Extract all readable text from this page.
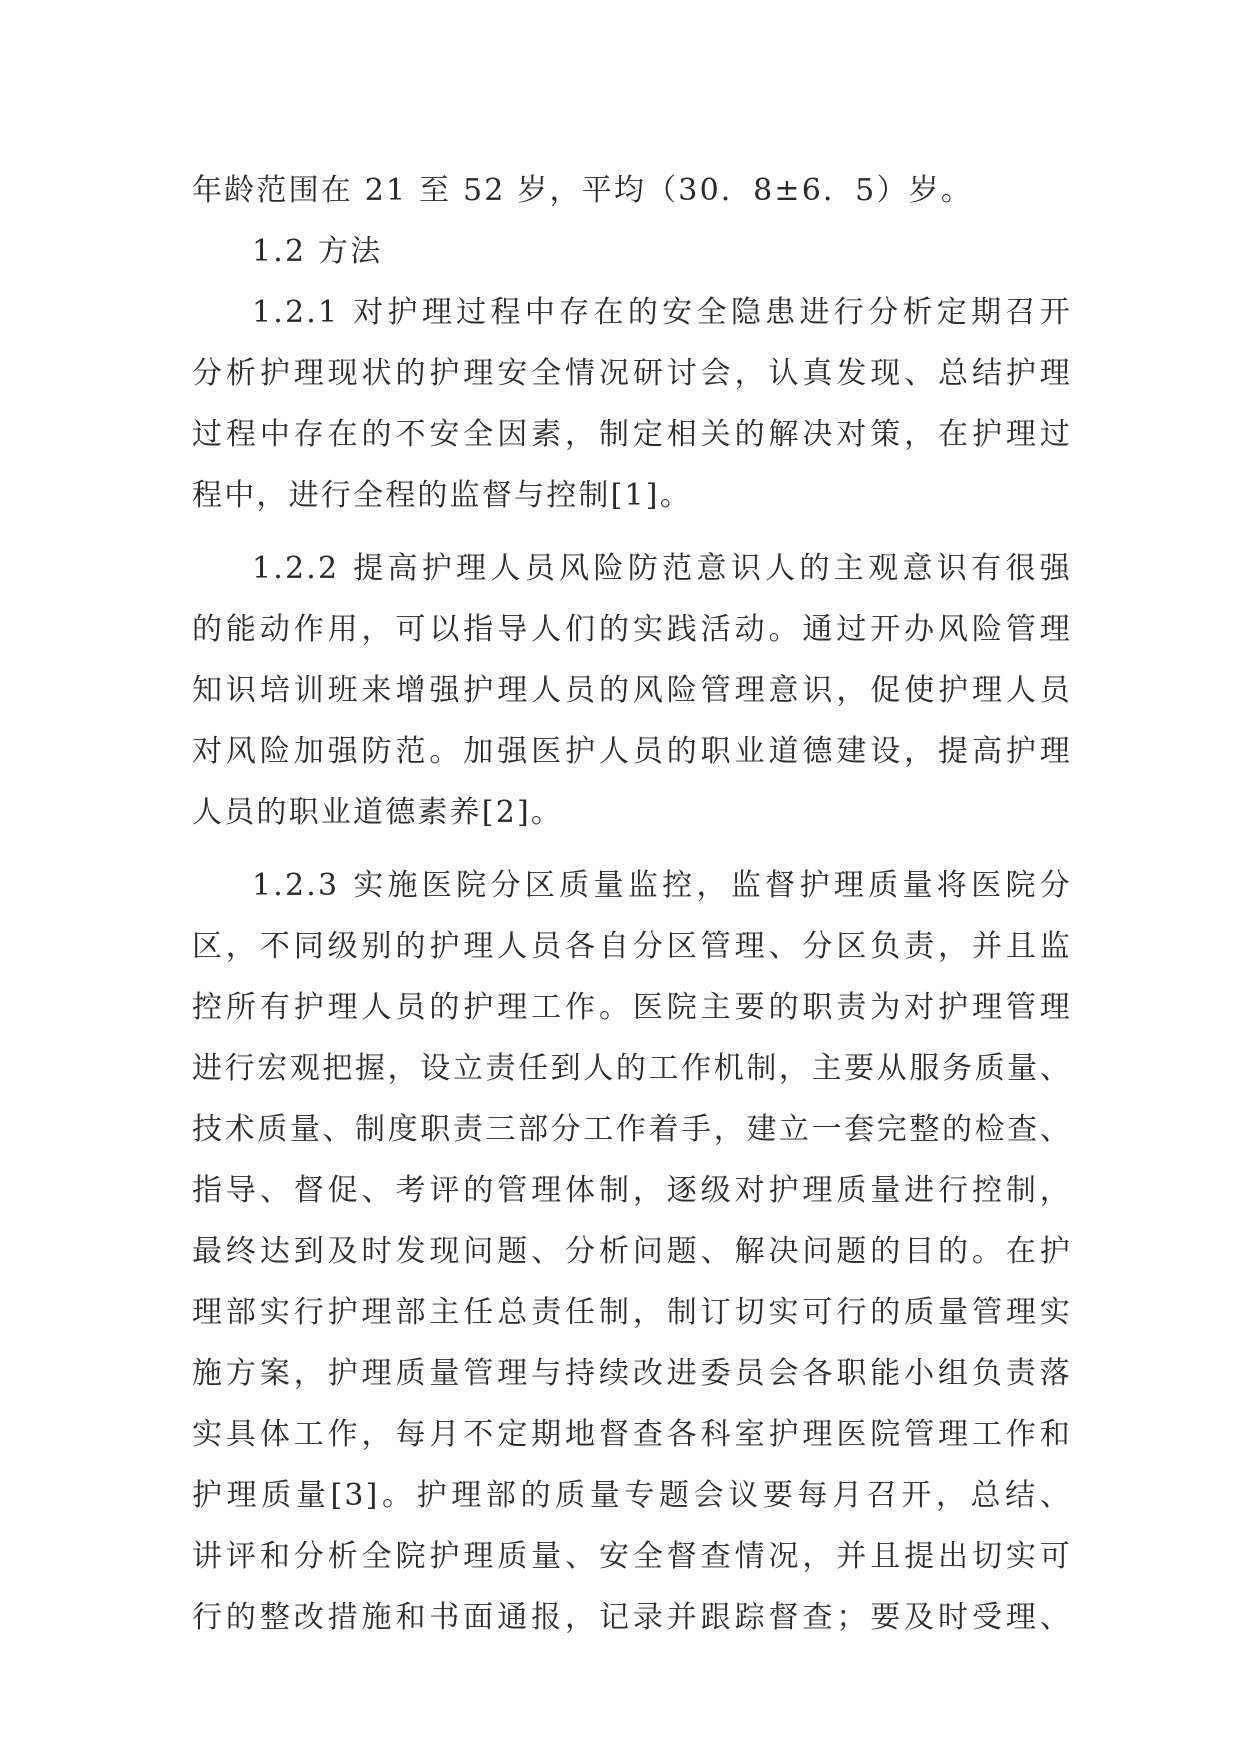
年龄范围在 21 至 52 岁，平均（30．8±6．5）岁。
1.2 方法
1.2.1 对护理过程中存在的安全隐患进行分析定期召开
分析护理现状的护理安全情况研讨会，认真发现、总结护理
过程中存在的不安全因素，制定相关的解决对策，在护理过
程中，进行全程的监督与控制[1]。
1.2.2 提高护理人员风险防范意识人的主观意识有很强
的能动作用，可以指导人们的实践活动。通过开办风险管理
知识培训班来增强护理人员的风险管理意识，促使护理人员
对风险加强防范。加强医护人员的职业道德建设，提高护理
人员的职业道德素养[2]。
1.2.3 实施医院分区质量监控，监督护理质量将医院分
区，不同级别的护理人员各自分区管理、分区负责，并且监
控所有护理人员的护理工作。医院主要的职责为对护理管理
进行宏观把握，设立责任到人的工作机制，主要从服务质量、
技术质量、制度职责三部分工作着手，建立一套完整的检查、
指导、督促、考评的管理体制，逐级对护理质量进行控制，
最终达到及时发现问题、分析问题、解决问题的目的。在护
理部实行护理部主任总责任制，制订切实可行的质量管理实
施方案，护理质量管理与持续改进委员会各职能小组负责落
实具体工作，每月不定期地督查各科室护理医院管理工作和
护理质量[3]。护理部的质量专题会议要每月召开，总结、
讲评和分析全院护理质量、安全督查情况，并且提出切实可
行的整改措施和书面通报，记录并跟踪督查；要及时受理、
